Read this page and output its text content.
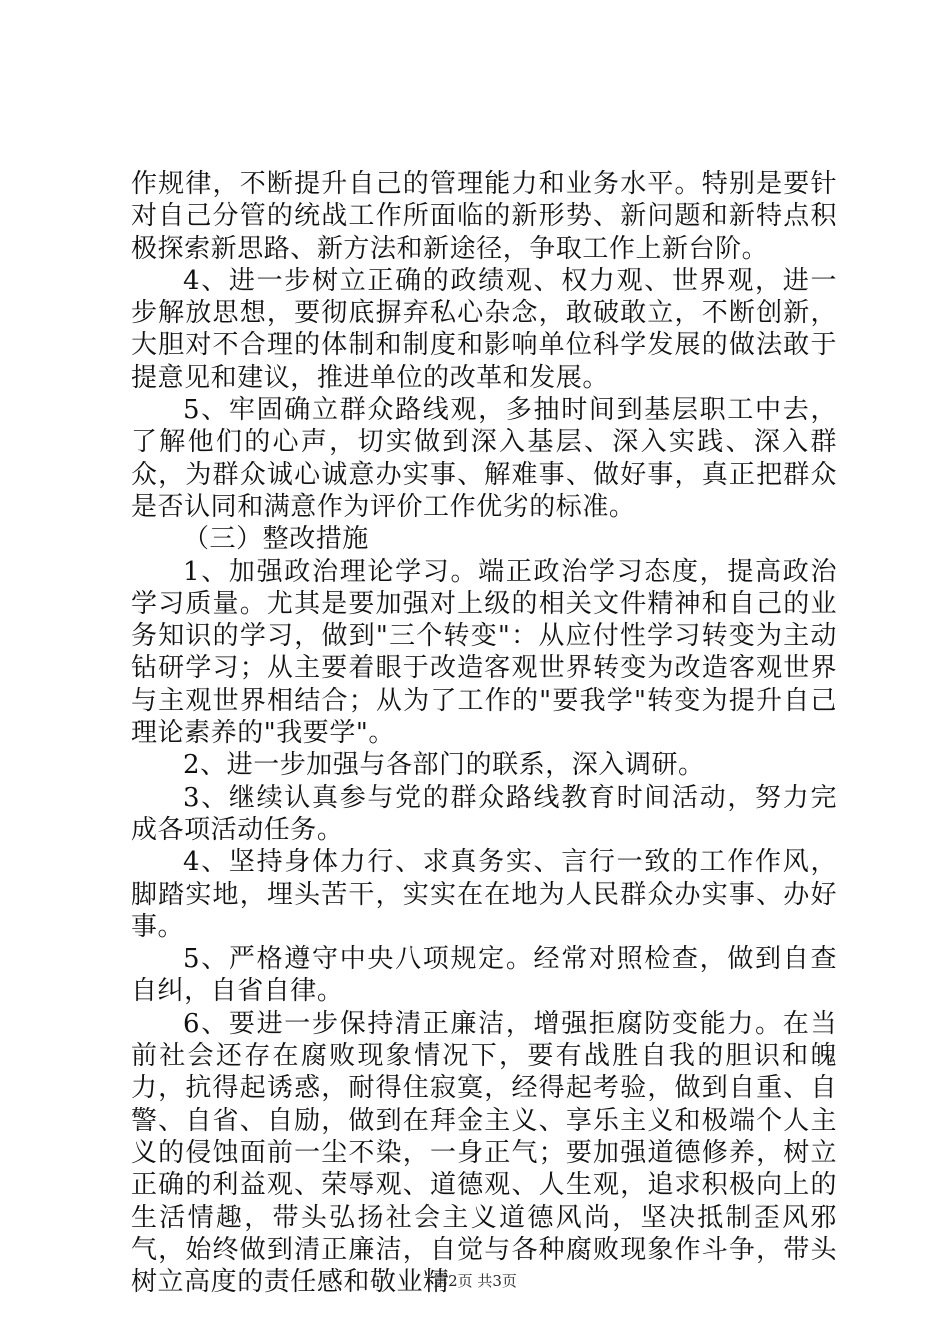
作规律，不断提升自己的管理能力和业务水平。特别是要针对自己分管的统战工作所面临的新形势、新问题和新特点积极探索新思路、新方法和新途径，争取工作上新台阶。

4、进一步树立正确的政绩观、权力观、世界观，进一步解放思想，要彻底摒弃私心杂念，敢破敢立，不断创新，大胆对不合理的体制和制度和影响单位科学发展的做法敢于提意见和建议，推进单位的改革和发展。

5、牢固确立群众路线观，多抽时间到基层职工中去，了解他们的心声，切实做到深入基层、深入实践、深入群众，为群众诚心诚意办实事、解难事、做好事，真正把群众是否认同和满意作为评价工作优劣的标准。

（三）整改措施

1、加强政治理论学习。端正政治学习态度，提高政治学习质量。尤其是要加强对上级的相关文件精神和自己的业务知识的学习，做到"三个转变"：从应付性学习转变为主动钻研学习；从主要着眼于改造客观世界转变为改造客观世界与主观世界相结合；从为了工作的"要我学"转变为提升自己理论素养的"我要学"。

2、进一步加强与各部门的联系，深入调研。

3、继续认真参与党的群众路线教育时间活动，努力完成各项活动任务。

4、坚持身体力行、求真务实、言行一致的工作作风，脚踏实地，埋头苦干，实实在在地为人民群众办实事、办好事。

5、严格遵守中央八项规定。经常对照检查，做到自查自纠，自省自律。

6、要进一步保持清正廉洁，增强拒腐防变能力。在当前社会还存在腐败现象情况下，要有战胜自我的胆识和魄力，抗得起诱惑，耐得住寂寞，经得起考验，做到自重、自警、自省、自励，做到在拜金主义、享乐主义和极端个人主义的侵蚀面前一尘不染，一身正气；要加强道德修养，树立正确的利益观、荣辱观、道德观、人生观，追求积极向上的生活情趣，带头弘扬社会主义道德风尚，坚决抵制歪风邪气，始终做到清正廉洁，自觉与各种腐败现象作斗争，带头树立高度的责任感和敬业精

第2页 共3页
